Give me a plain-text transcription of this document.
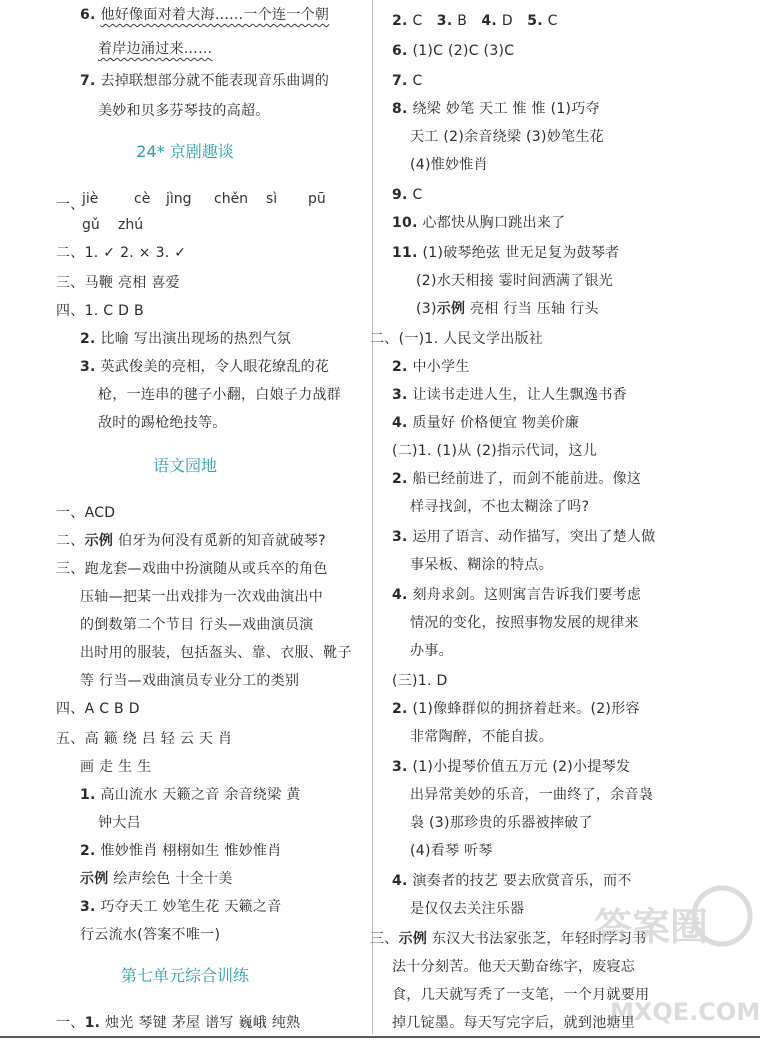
6. 他好像面对着大海……一个连一个朝
着岸边涌过来……
7. 去掉联想部分就不能表现音乐曲调的
美妙和贝多芬琴技的高超。
24* 京剧趣谈
一、
jiè	cè jìng chěn sì pū
gǔ zhú
二、1. ✓ 2. × 3. ✓
三、马鞭 亮相 喜爱
四、1. C D B
2. 比喻 写出演出现场的热烈气氛
3. 英武俊美的亮相，令人眼花缭乱的花
枪，一连串的毽子小翻，白娘子力战群
敌时的踢枪绝技等。
语文园地
一、ACD
二、示例 伯牙为何没有觅新的知音就破琴?
三、跑龙套—戏曲中扮演随从或兵卒的角色
压轴—把某一出戏排为一次戏曲演出中
的倒数第二个节目 行头—戏曲演员演
出时用的服装，包括盔头、靠、衣服、靴子
等 行当—戏曲演员专业分工的类别
四、A C B D
五、高 籁 绕 吕 轻 云 天 肖
画 走 生 生
1. 高山流水 天籁之音 余音绕梁 黄
钟大吕
2. 惟妙惟肖 栩栩如生 惟妙惟肖
示例 绘声绘色 十全十美
3. 巧夺天工 妙笔生花 天籁之音
行云流水(答案不唯一)
第七单元综合训练
一、1. 烛光 琴键 茅屋 谱写 巍峨 纯熟
2. C 3. B 4. D 5. C
6. (1)C (2)C (3)C
7. C
8. 绕梁 妙笔 天工 惟 惟 (1)巧夺
天工 (2)余音绕梁 (3)妙笔生花
(4)惟妙惟肖
9. C
10. 心都快从胸口跳出来了
11. (1)破琴绝弦 世无足复为鼓琴者
(2)水天相接 霎时间洒满了银光
(3)示例 亮相 行当 压轴 行头
二、(一)1. 人民文学出版社
2. 中小学生
3. 让读书走进人生，让人生飘逸书香
4. 质量好 价格便宜 物美价廉
(二)1. (1)从 (2)指示代词，这儿
2. 船已经前进了，而剑不能前进。像这
样寻找剑，不也太糊涂了吗?
3. 运用了语言、动作描写，突出了楚人做
事呆板、糊涂的特点。
4. 刻舟求剑。这则寓言告诉我们要考虑
情况的变化，按照事物发展的规律来
办事。
(三)1. D
2. (1)像蜂群似的拥挤着赶来。(2)形容
非常陶醉，不能自拔。
3. (1)小提琴价值五万元 (2)小提琴发
出异常美妙的乐音，一曲终了，余音袅
袅 (3)那珍贵的乐器被摔破了
(4)看琴 听琴
4. 演奏者的技艺 要去欣赏音乐，而不
是仅仅去关注乐器
三、示例 东汉大书法家张芝，年轻时学习书
法十分刻苦。他天天勤奋练字，废寝忘
食，几天就写秃了一支笔，一个月就要用
掉几锭墨。每天写完字后，就到池塘里
答案圈
MXQE.COM
